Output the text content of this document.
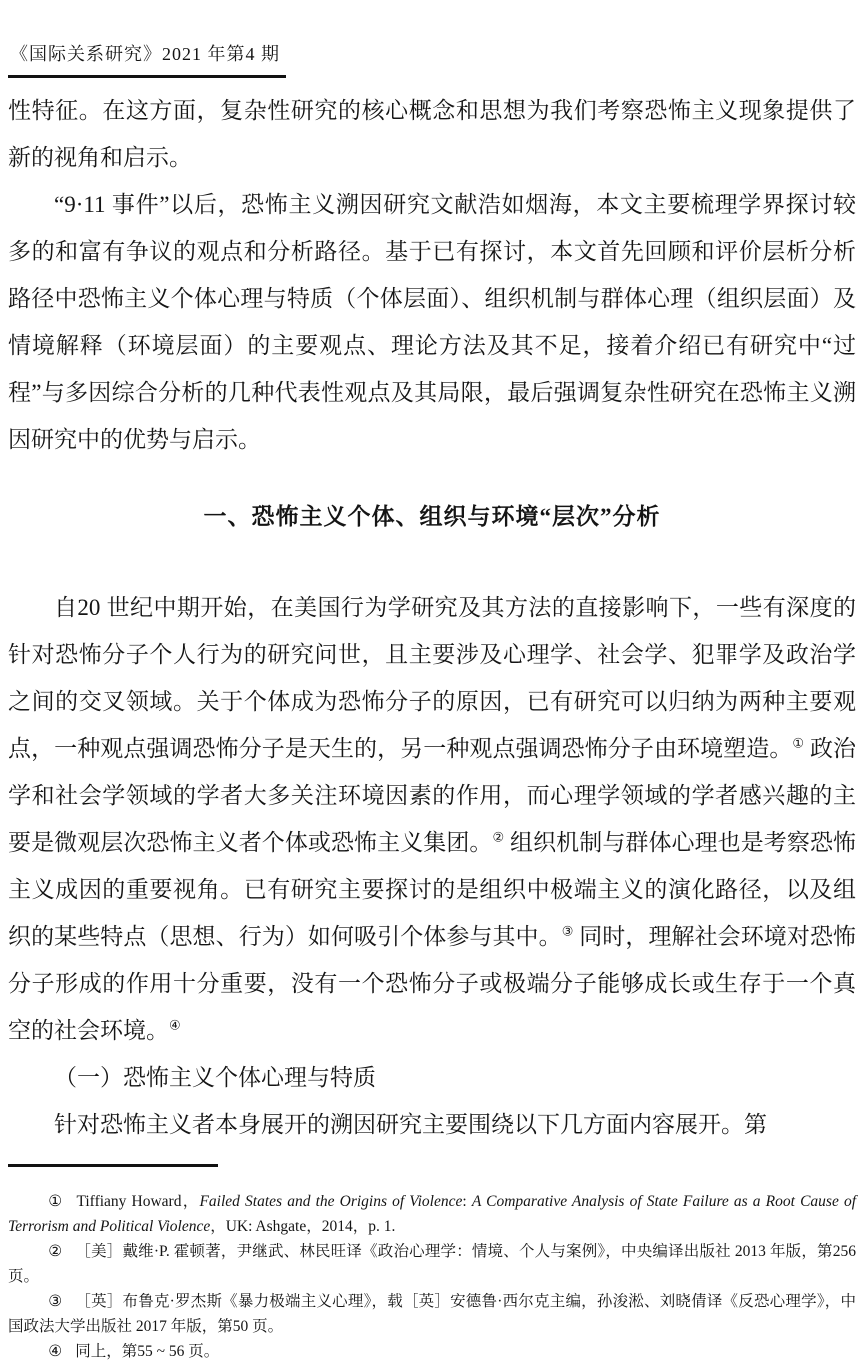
《国际关系研究》2021 年第4 期

性特征。在这方面，复杂性研究的核心概念和思想为我们考察恐怖主义现象提供了新的视角和启示。

“9·11 事件”以后，恐怖主义溯因研究文献浩如烟海，本文主要梳理学界探讨较多的和富有争议的观点和分析路径。基于已有探讨，本文首先回顾和评价层析分析路径中恐怖主义个体心理与特质（个体层面）、组织机制与群体心理（组织层面）及情境解释（环境层面）的主要观点、理论方法及其不足，接着介绍已有研究中“过程”与多因综合分析的几种代表性观点及其局限，最后强调复杂性研究在恐怖主义溯因研究中的优势与启示。

一、恐怖主义个体、组织与环境“层次”分析

自20 世纪中期开始，在美国行为学研究及其方法的直接影响下，一些有深度的针对恐怖分子个人行为的研究问世，且主要涉及心理学、社会学、犯罪学及政治学之间的交叉领域。关于个体成为恐怖分子的原因，已有研究可以归纳为两种主要观点，一种观点强调恐怖分子是天生的，另一种观点强调恐怖分子由环境塑造。① 政治学和社会学领域的学者大多关注环境因素的作用，而心理学领域的学者感兴趣的主要是微观层次恐怖主义者个体或恐怖主义集团。② 组织机制与群体心理也是考察恐怖主义成因的重要视角。已有研究主要探讨的是组织中极端主义的演化路径，以及组织的某些特点（思想、行为）如何吸引个体参与其中。③ 同时，理解社会环境对恐怖分子形成的作用十分重要，没有一个恐怖分子或极端分子能够成长或生存于一个真空的社会环境。④

（一）恐怖主义个体心理与特质

针对恐怖主义者本身展开的溯因研究主要围绕以下几方面内容展开。第

① Tiffiany Howard，Failed States and the Origins of Violence: A Comparative Analysis of State Failure as a Root Cause of Terrorism and Political Violence，UK: Ashgate，2014，p. 1.

② ［美］戴维·P. 霍顿著，尹继武、林民旺译《政治心理学：情境、个人与案例》，中央编译出版社 2013 年版，第256 页。

③ ［英］布鲁克·罗杰斯《暴力极端主义心理》，载［英］安德鲁·西尔克主编，孙浚淞、刘晓倩译《反恐心理学》，中国政法大学出版社 2017 年版，第50 页。

④ 同上，第55 ~ 56 页。
